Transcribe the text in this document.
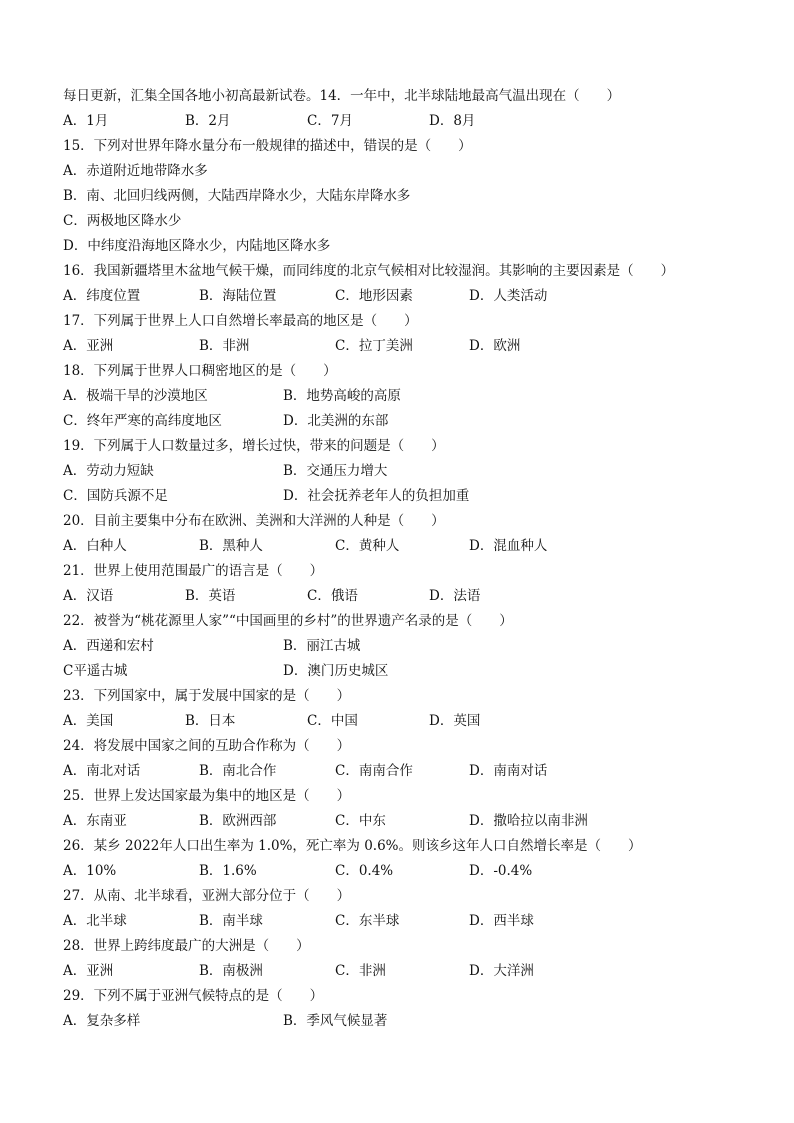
每日更新，汇集全国各地小初高最新试卷。14．一年中，北半球陆地最高气温出现在（　　）
A．1月	B．2月	C．7月	D．8月
15．下列对世界年降水量分布一般规律的描述中，错误的是（　　）
A．赤道附近地带降水多
B．南、北回归线两侧，大陆西岸降水少，大陆东岸降水多
C．两极地区降水少
D．中纬度沿海地区降水少，内陆地区降水多
16．我国新疆塔里木盆地气候干燥，而同纬度的北京气候相对比较湿润。其影响的主要因素是（　　）
A．纬度位置	B．海陆位置	C．地形因素	D．人类活动
17．下列属于世界上人口自然增长率最高的地区是（　　）
A．亚洲	B．非洲	C．拉丁美洲	D．欧洲
18．下列属于世界人口稠密地区的是（　　）
A．极端干旱的沙漠地区	B．地势高峻的高原
C．终年严寒的高纬度地区	D．北美洲的东部
19．下列属于人口数量过多，增长过快，带来的问题是（　　）
A．劳动力短缺	B．交通压力增大
C．国防兵源不足	D．社会抚养老年人的负担加重
20．目前主要集中分布在欧洲、美洲和大洋洲的人种是（　　）
A．白种人	B．黑种人	C．黄种人	D．混血种人
21．世界上使用范围最广的语言是（　　）
A．汉语	B．英语	C．俄语	D．法语
22．被誉为“桃花源里人家”“中国画里的乡村”的世界遗产名录的是（　　）
A．西递和宏村	B．丽江古城
C平遥古城	D．澳门历史城区
23．下列国家中，属于发展中国家的是（　　）
A．美国	B．日本	C．中国	D．英国
24．将发展中国家之间的互助合作称为（　　）
A．南北对话	B．南北合作	C．南南合作	D．南南对话
25．世界上发达国家最为集中的地区是（　　）
A．东南亚	B．欧洲西部	C．中东	D．撒哈拉以南非洲
26．某乡 2022年人口出生率为 1.0%，死亡率为 0.6%。则该乡这年人口自然增长率是（　　）
A．10%	B．1.6%	C．0.4%	D．-0.4%
27．从南、北半球看，亚洲大部分位于（　　）
A．北半球	B．南半球	C．东半球	D．西半球
28．世界上跨纬度最广的大洲是（　　）
A．亚洲	B．南极洲	C．非洲	D．大洋洲
29．下列不属于亚洲气候特点的是（　　）
A．复杂多样	B．季风气候显著
